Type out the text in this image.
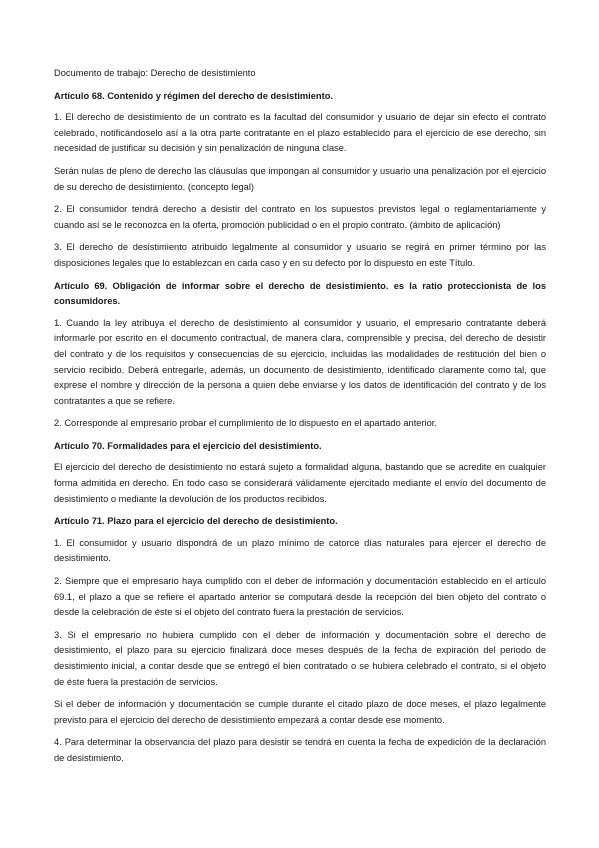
Documento de trabajo: Derecho de desistimiento

Artículo 68. Contenido y régimen del derecho de desistimiento.

1. El derecho de desistimiento de un contrato es la facultad del consumidor y usuario de dejar sin efecto el contrato celebrado, notificándoselo así a la otra parte contratante en el plazo establecido para el ejercicio de ese derecho, sin necesidad de justificar su decisión y sin penalización de ninguna clase.

Serán nulas de pleno de derecho las cláusulas que impongan al consumidor y usuario una penalización por el ejercicio de su derecho de desistimiento. (concepto legal)

2. El consumidor tendrá derecho a desistir del contrato en los supuestos previstos legal o reglamentariamente y cuando así se le reconozca en la oferta, promoción publicidad o en el propio contrato. (ámbito de aplicación)

3. El derecho de desistimiento atribuido legalmente al consumidor y usuario se regirá en primer término por las disposiciones legales que lo establezcan en cada caso y en su defecto por lo dispuesto en este Título.

Artículo 69. Obligación de informar sobre el derecho de desistimiento. es la ratio proteccionista de los consumidores.

1. Cuando la ley atribuya el derecho de desistimiento al consumidor y usuario, el empresario contratante deberá informarle por escrito en el documento contractual, de manera clara, comprensible y precisa, del derecho de desistir del contrato y de los requisitos y consecuencias de su ejercicio, incluidas las modalidades de restitución del bien o servicio recibido. Deberá entregarle, además, un documento de desistimiento, identificado claramente como tal, que exprese el nombre y dirección de la persona a quien debe enviarse y los datos de identificación del contrato y de los contratantes a que se refiere.

2. Corresponde al empresario probar el cumplimiento de lo dispuesto en el apartado anterior.

Artículo 70. Formalidades para el ejercicio del desistimiento.

El ejercicio del derecho de desistimiento no estará sujeto a formalidad alguna, bastando que se acredite en cualquier forma admitida en derecho. En todo caso se considerará válidamente ejercitado mediante el envío del documento de desistimiento o mediante la devolución de los productos recibidos.

Artículo 71. Plazo para el ejercicio del derecho de desistimiento.

1. El consumidor y usuario dispondrá de un plazo mínimo de catorce días naturales para ejercer el derecho de desistimiento.

2. Siempre que el empresario haya cumplido con el deber de información y documentación establecido en el artículo 69.1, el plazo a que se refiere el apartado anterior se computará desde la recepción del bien objeto del contrato o desde la celebración de éste si el objeto del contrato fuera la prestación de servicios.

3. Si el empresario no hubiera cumplido con el deber de información y documentación sobre el derecho de desistimiento, el plazo para su ejercicio finalizará doce meses después de la fecha de expiración del periodo de desistimiento inicial, a contar desde que se entregó el bien contratado o se hubiera celebrado el contrato, si el objeto de éste fuera la prestación de servicios.

Si el deber de información y documentación se cumple durante el citado plazo de doce meses, el plazo legalmente previsto para el ejercicio del derecho de desistimiento empezará a contar desde ese momento.

4. Para determinar la observancia del plazo para desistir se tendrá en cuenta la fecha de expedición de la declaración de desistimiento.
